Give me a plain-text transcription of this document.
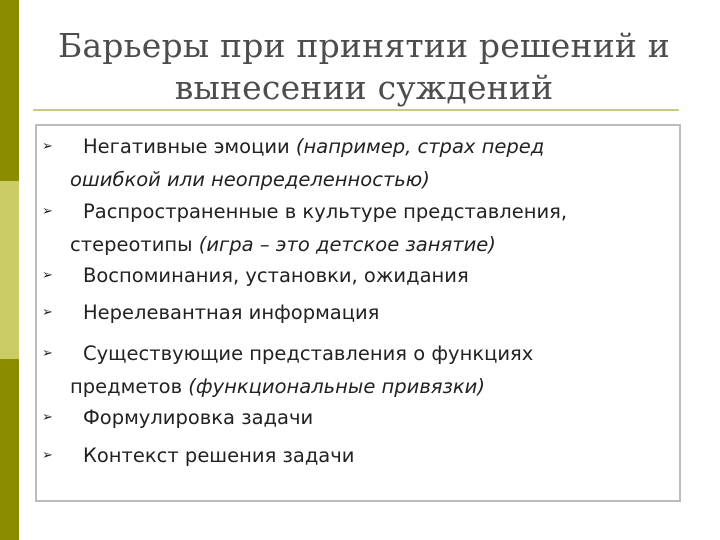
Барьеры при принятии решений и
вынесении суждений
➢ Негативные эмоции (например, страх перед
ошибкой или неопределенностью)
➢ Распространенные в культуре представления,
стереотипы (игра – это детское занятие)
➢ Воспоминания, установки, ожидания
➢ Нерелевантная информация
➢ Существующие представления о функциях
предметов (функциональные привязки)
➢ Формулировка задачи
➢ Контекст решения задачи
